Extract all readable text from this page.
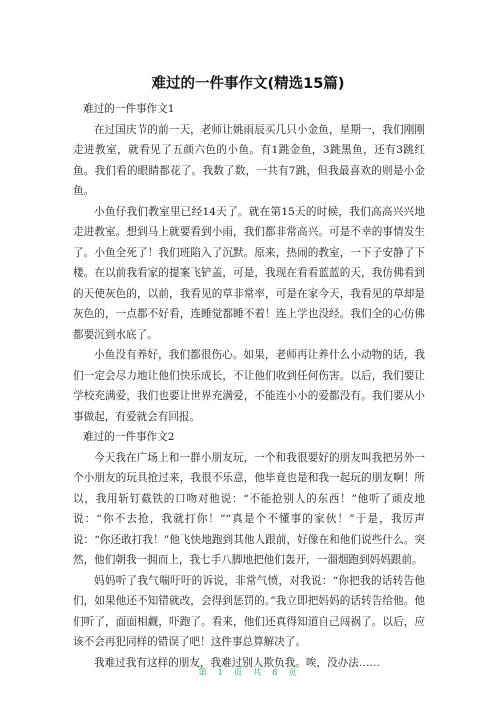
难过的一件事作文(精选15篇)

难过的一件事作文1

在过国庆节的前一天，老师让姚雨辰买几只小金鱼，星期一，我们刚刚走进教室，就看见了五颜六色的小鱼。有1跳金鱼，3跳黑鱼，还有3跳红鱼。我们看的眼睛都花了。我数了数，一共有7跳，但我最喜欢的则是小金鱼。

小鱼仔我们教室里已经14天了。就在第15天的时候，我们高高兴兴地走进教室。想到马上就要看到小雨，我们都非常高兴。可是不幸的事情发生了。小鱼全死了！我们班陷入了沉默。原来，热闹的教室，一下子安静了下楼。在以前我看家的提案飞铲盖，可是，我现在看看蓝蓝的天，我仿佛看到的天使灰色的，以前，我看见的草非常率，可是在家今天，我看见的草却是灰色的，一点都不好看，连睡觉都睡不着！连上学也没经。我们全的心仿佛都要沉到水底了。

小鱼没有养好，我们都很伤心。如果，老师再让养什么小动物的话，我们一定会尽力地让他们快乐成长，不让他们收到任何伤害。以后，我们要让学校充满爱，我们也要让世界充满爱，不能连小小的爱都没有。我们要从小事做起，有爱就会有回报。

难过的一件事作文2

今天我在广场上和一群小朋友玩，一个和我很要好的朋友叫我把另外一个小朋友的玩具抢过来，我很不乐意，他毕竟也是和我一起玩的朋友啊！所以，我用斩钉截铁的口吻对他说：“不能抢别人的东西！”他听了顽皮地说：“你不去抢，我就打你！”“真是个不懂事的家伙！”于是，我厉声说：“你还敢打我！”他飞快地跑到其他人跟前，好像在和他们说些什么。突然，他们朝我一拥而上，我七手八脚地把他们轰开，一溜烟跑到妈妈跟前。

妈妈听了我气喘吁吁的诉说，非常气愤，对我说：“你把我的话转告他们，如果他还不知错就改，会得到惩罚的。”我立即把妈妈的话转告给他。他们听了，面面相觑，吓跑了。看来，他们还真得知道自己闯祸了。以后，应该不会再犯同样的错误了吧！这件事总算解决了。

我难过我有这样的朋友，我难过别人欺负我。唉，没办法……

第 1 页 共 8 页
